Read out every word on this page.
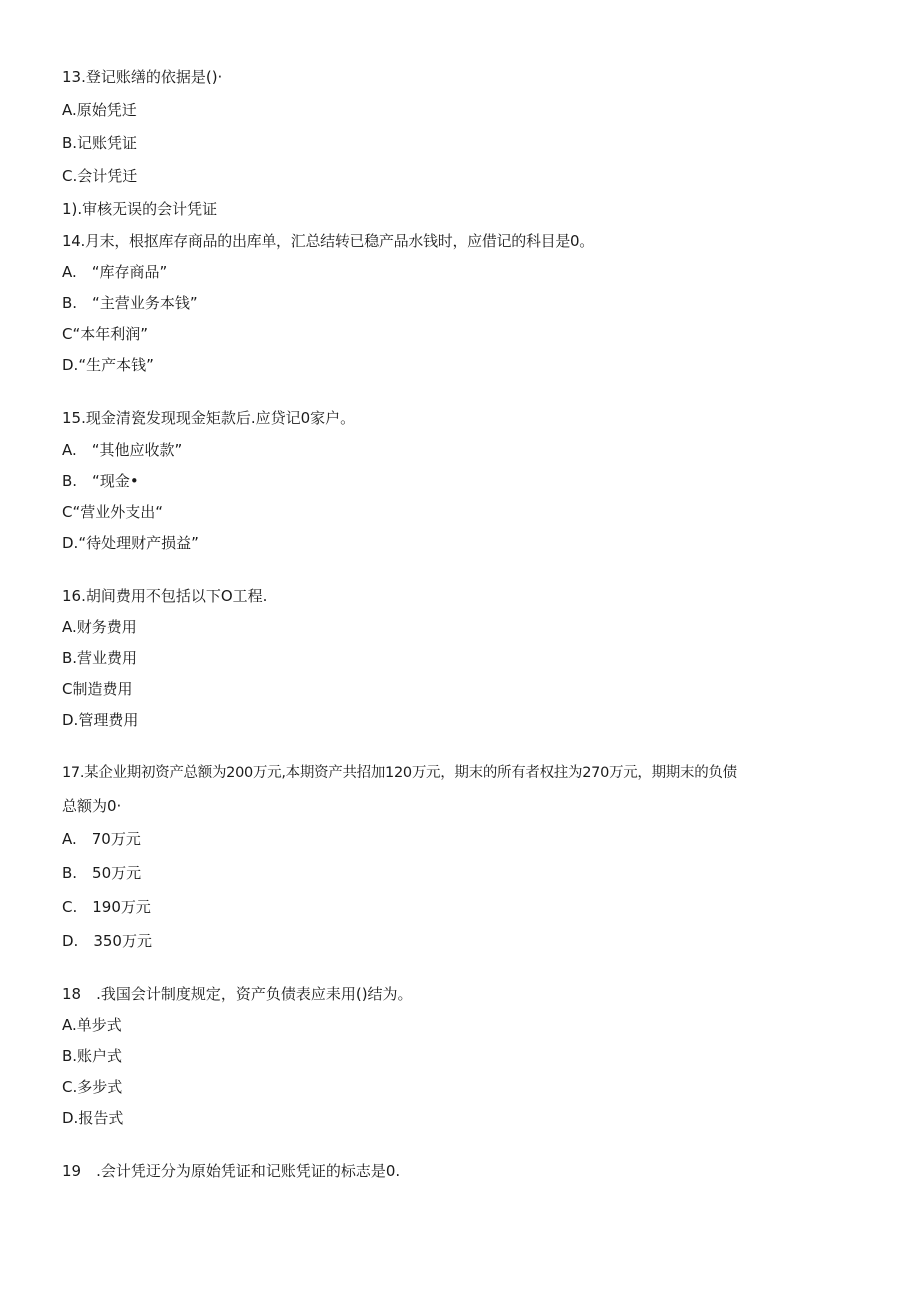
13.登记账缮的依据是()·
A.原始凭迁
B.记账凭证
C.会计凭迁
1).审核无误的会计凭证
14.月末，根抠库存商品的出库单，汇总结转已稳产品水钱时，应借记的科目是0。
A.　“库存商品”
B.　“主营业务本钱”
C“本年利润”
D.“生产本钱”
15.现金清瓷发现现金矩款后.应贷记0家户。
A.　“其他应收款”
B.　“现金•
C“营业外支出“
D.“待处理财产损益”
16.胡间费用不包括以下O工程.
A.财务费用
B.营业费用
C制造费用
D.管理费用
17.某企业期初资产总额为200万元,本期资产共招加120万元，期末的所有者权拄为270万元，期期末的负债
总额为0·
A.　70万元
B.　50万元
C.　190万元
D.　350万元
18　.我国会计制度规定，资产负债表应耒用()结为。
A.单步式
B.账户式
C.多步式
D.报告式
19　.会计凭迂分为原始凭证和记账凭证的标志是0.
